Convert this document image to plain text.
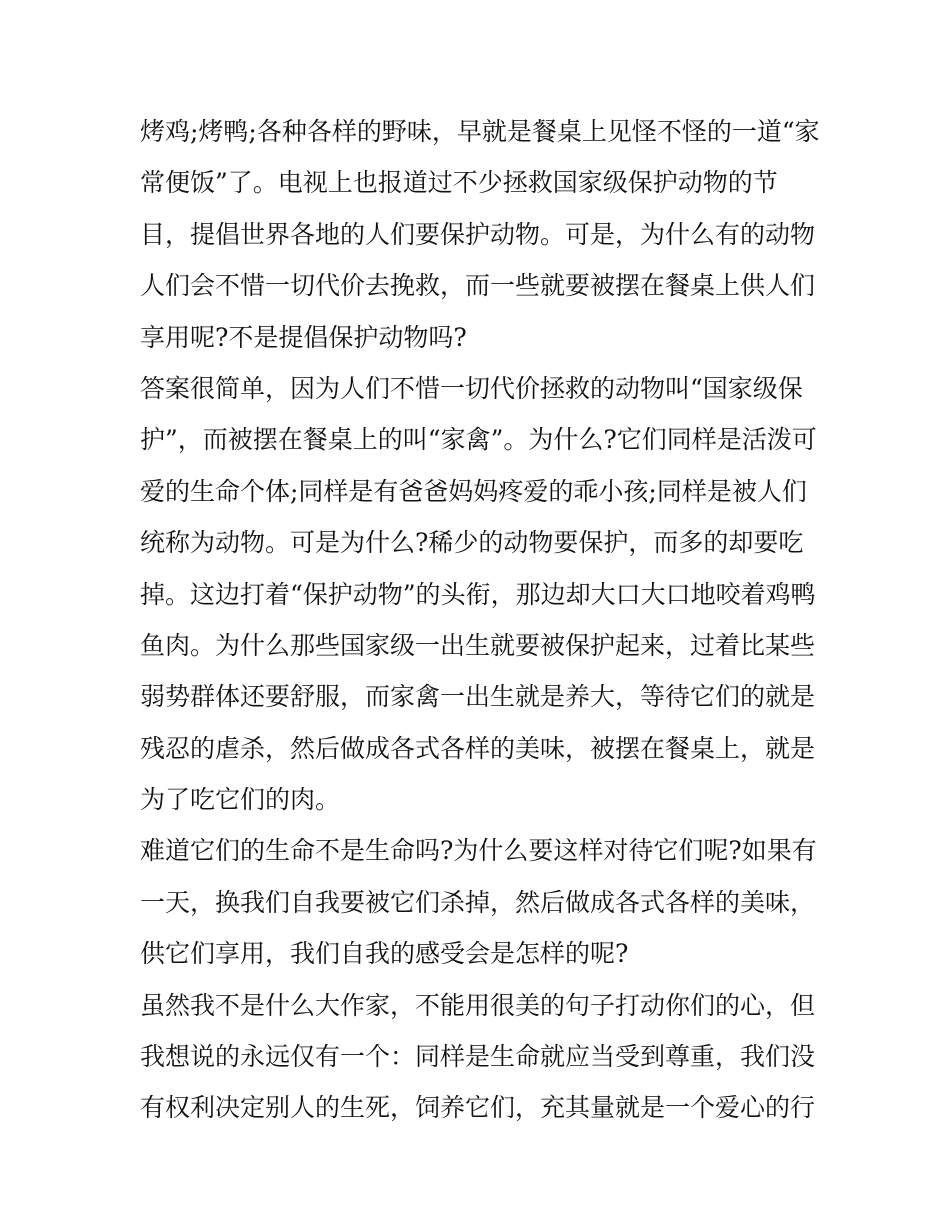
烤鸡;烤鸭;各种各样的野味，早就是餐桌上见怪不怪的一道“家
常便饭”了。电视上也报道过不少拯救国家级保护动物的节
目，提倡世界各地的人们要保护动物。可是，为什么有的动物
人们会不惜一切代价去挽救，而一些就要被摆在餐桌上供人们
享用呢?不是提倡保护动物吗?
答案很简单，因为人们不惜一切代价拯救的动物叫“国家级保
护”，而被摆在餐桌上的叫“家禽”。为什么?它们同样是活泼可
爱的生命个体;同样是有爸爸妈妈疼爱的乖小孩;同样是被人们
统称为动物。可是为什么?稀少的动物要保护，而多的却要吃
掉。这边打着“保护动物”的头衔，那边却大口大口地咬着鸡鸭
鱼肉。为什么那些国家级一出生就要被保护起来，过着比某些
弱势群体还要舒服，而家禽一出生就是养大，等待它们的就是
残忍的虐杀，然后做成各式各样的美味，被摆在餐桌上，就是
为了吃它们的肉。
难道它们的生命不是生命吗?为什么要这样对待它们呢?如果有
一天，换我们自我要被它们杀掉，然后做成各式各样的美味，
供它们享用，我们自我的感受会是怎样的呢?
虽然我不是什么大作家，不能用很美的句子打动你们的心，但
我想说的永远仅有一个：同样是生命就应当受到尊重，我们没
有权利决定别人的生死，饲养它们，充其量就是一个爱心的行
